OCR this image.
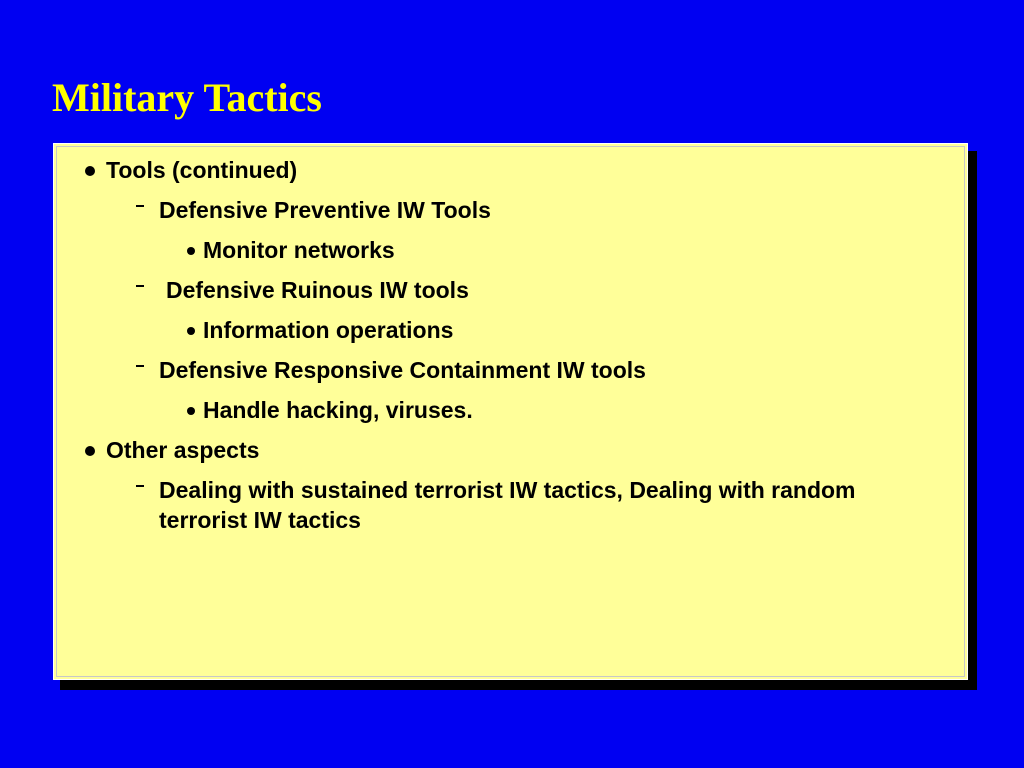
Military Tactics
Tools (continued)
Defensive Preventive IW Tools
Monitor networks
Defensive Ruinous IW tools
Information operations
Defensive Responsive Containment IW tools
Handle hacking, viruses.
Other aspects
Dealing with sustained terrorist IW tactics, Dealing with random terrorist IW tactics
